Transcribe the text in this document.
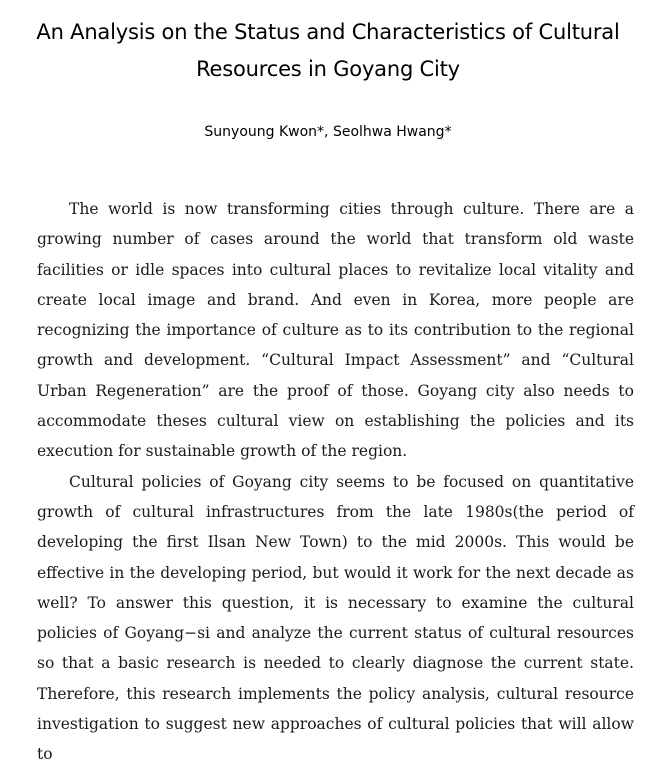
An Analysis on the Status and Characteristics of Cultural
Resources in Goyang City
Sunyoung Kwon*, Seolhwa Hwang*

The world is now transforming cities through culture. There are a growing number of cases around the world that transform old waste facilities or idle spaces into cultural places to revitalize local vitality and create local image and brand. And even in Korea, more people are recognizing the importance of culture as to its contribution to the regional growth and development. “Cultural Impact Assessment” and “Cultural Urban Regeneration” are the proof of those. Goyang city also needs to accommodate theses cultural view on establishing the policies and its execution for sustainable growth of the region.

Cultural policies of Goyang city seems to be focused on quantitative growth of cultural infrastructures from the late 1980s(the period of developing the first Ilsan New Town) to the mid 2000s. This would be effective in the developing period, but would it work for the next decade as well? To answer this question, it is necessary to examine the cultural policies of Goyang−si and analyze the current status of cultural resources so that a basic research is needed to clearly diagnose the current state. Therefore, this research implements the policy analysis, cultural resource investigation to suggest new approaches of cultural policies that will allow to
